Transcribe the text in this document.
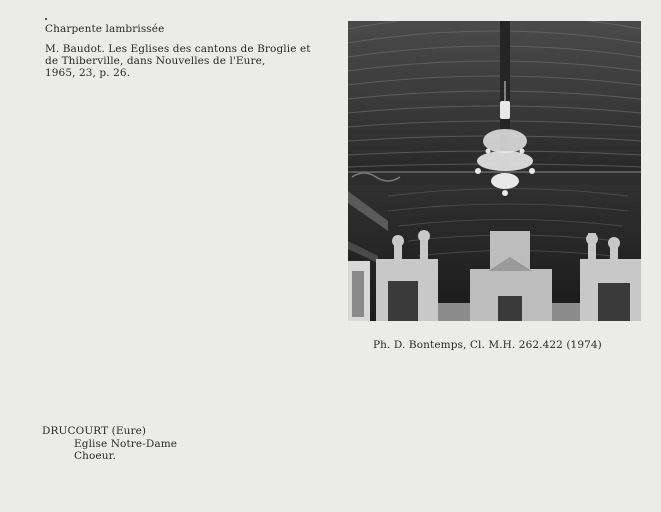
Charpente lambrissée
M. Baudot. Les Eglises des cantons de Broglie et
de Thiberville, dans Nouvelles de l'Eure,
1965, 23, p. 26.
Ph. D. Bontemps, Cl. M.H. 262.422 (1974)
DRUCOURT (Eure)
Eglise Notre-Dame
Choeur.
